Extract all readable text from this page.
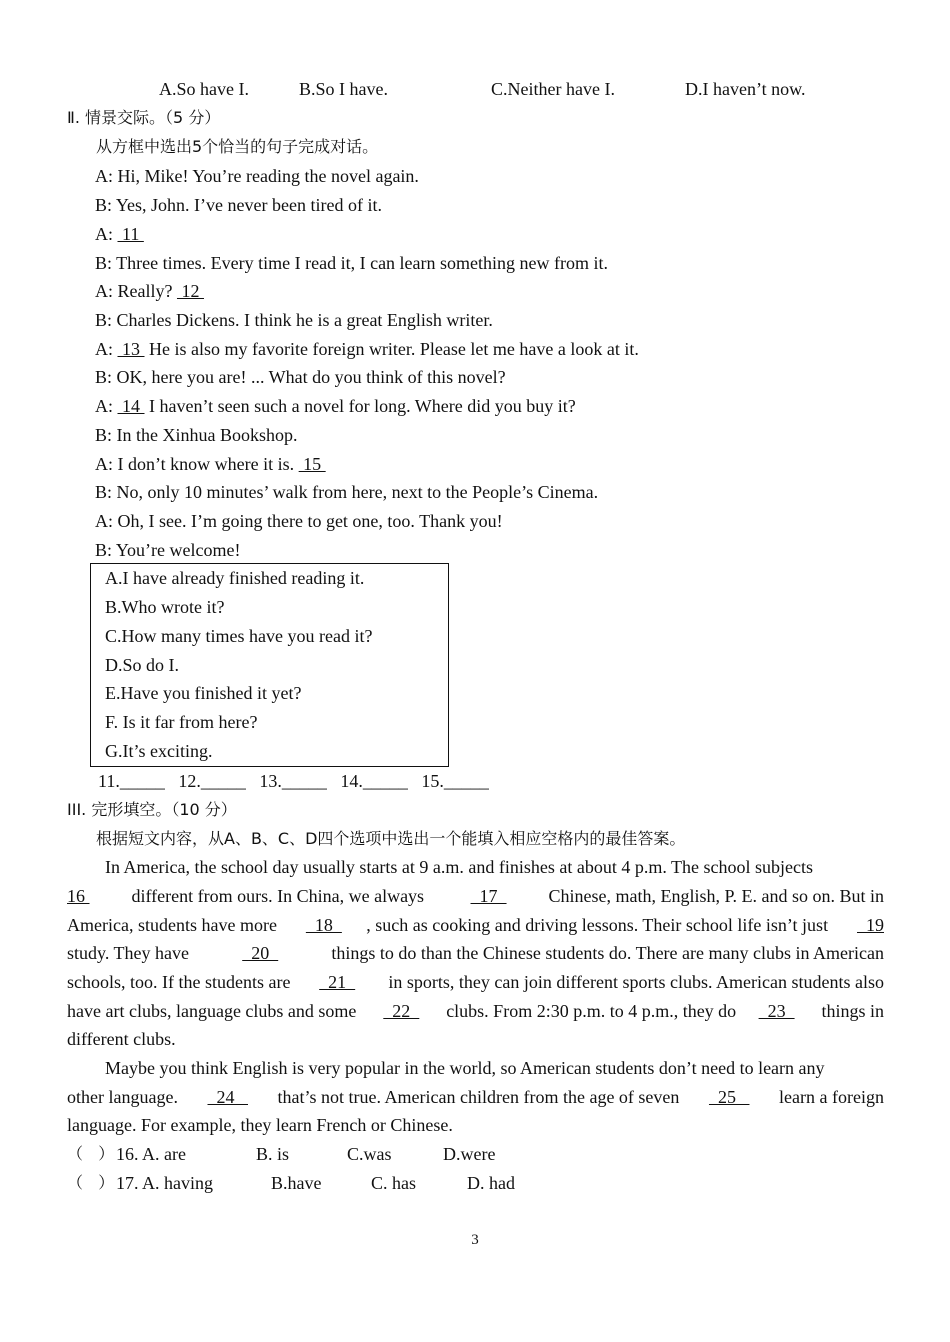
A.So have I.	B.So I have.	C.Neither have I.	D.I haven’t now.
Ⅱ. 情景交际。（5 分）
从方框中选出5个恰当的句子完成对话。
A: Hi, Mike! You’re reading the novel again.
B: Yes, John. I’ve never been tired of it.
A:  11
B: Three times. Every time I read it, I can learn something new from it.
A: Really?  12
B: Charles Dickens. I think he is a great English writer.
A:  13  He is also my favorite foreign writer. Please let me have a look at it.
B: OK, here you are! ... What do you think of this novel?
A:  14  I haven’t seen such a novel for long. Where did you buy it?
B: In the Xinhua Bookshop.
A: I don’t know where it is.  15
B: No, only 10 minutes’ walk from here, next to the People’s Cinema.
A: Oh, I see. I’m going there to get one, too. Thank you!
B: You’re welcome!
A.I have already finished reading it.
B.Who wrote it?
C.How many times have you read it?
D.So do I.
E.Have you finished it yet?
F. Is it far from here?
G.It’s exciting.
11._____   12._____   13._____   14._____   15._____
III. 完形填空。（10 分）
根据短文内容，从A、B、C、D四个选项中选出一个能填入相应空格内的最佳答案。
In America, the school day usually starts at 9 a.m. and finishes at about 4 p.m. The school subjects
16 different from ours. In China, we always 17 Chinese, math, English, P. E. and so on. But in
America, students have more 18 , such as cooking and driving lessons. Their school life isn’t just 19
study. They have	20	things to do than the Chinese students do. There are many clubs in American
schools, too. If the students are 21 in sports, they can join different sports clubs. American students also
have art clubs, language clubs and some 22 clubs. From 2:30 p.m. to 4 p.m., they do 23 things in
Maybe you think English is very popular in the world, so American students don’t need to learn any
other language. 24 that’s not true. American children from the age of seven 25 learn a foreign
different clubs.
language. For example, they learn French or Chinese.
（   ） 16. A. are	B. is	C.was	D.were
（   ） 17. A. having	B.have	C. has	D. had
3
